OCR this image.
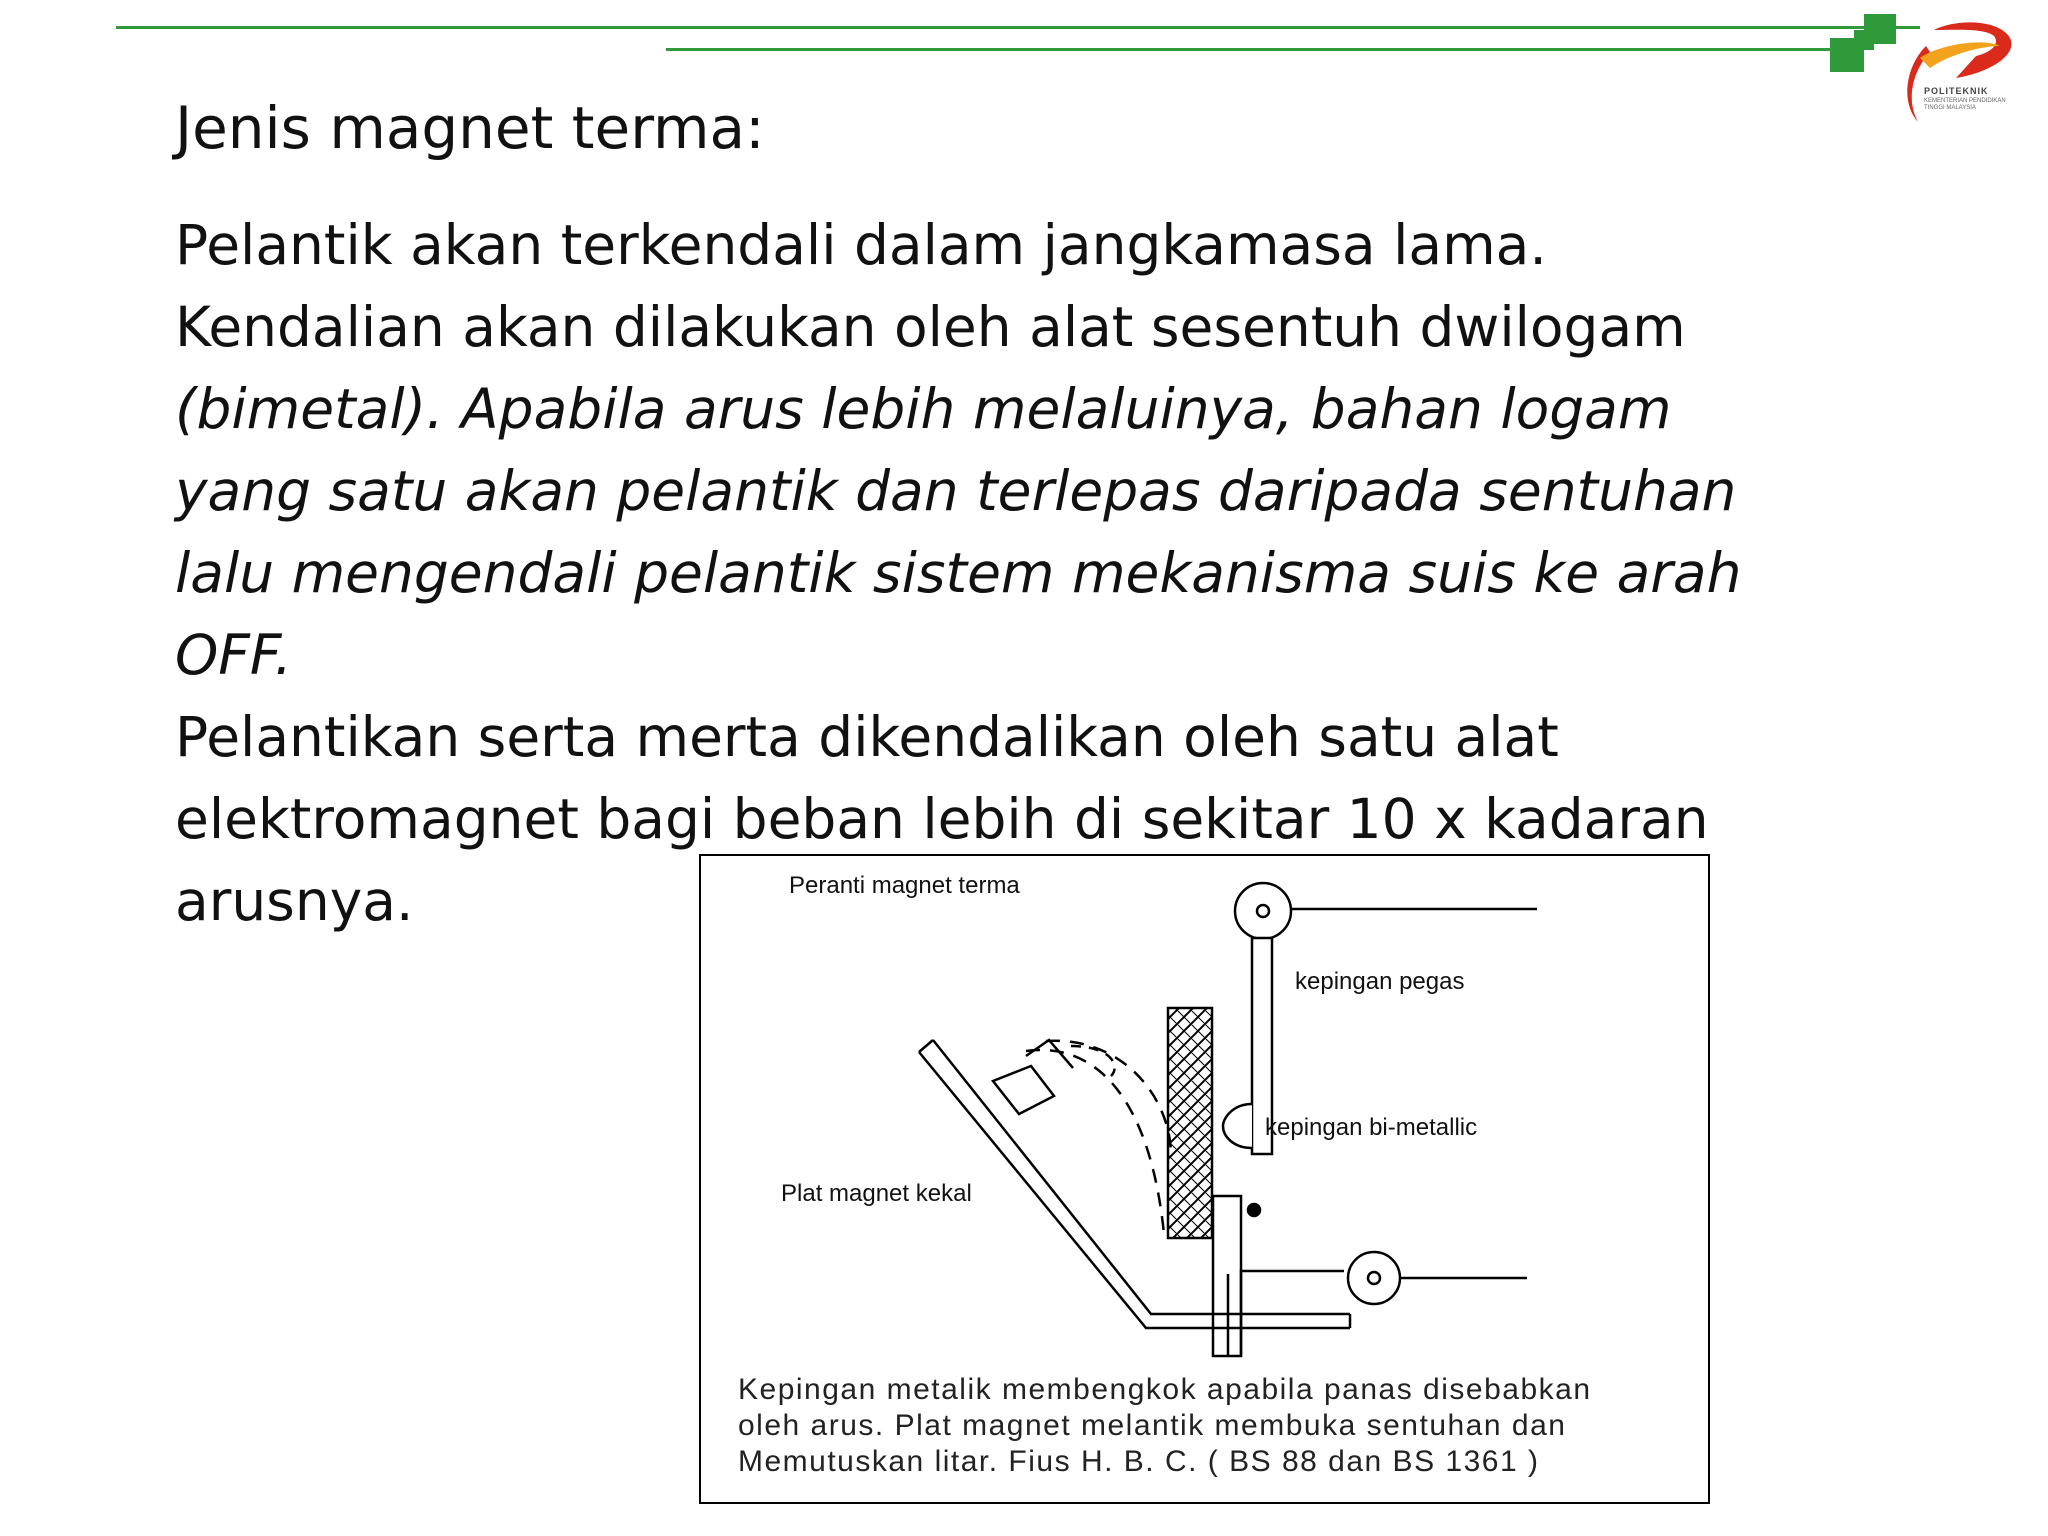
POLITEKNIK
KEMENTERIAN PENDIDIKAN TINGGI MALAYSIA
Jenis magnet terma:
Pelantik akan terkendali dalam jangkamasa lama.
Kendalian akan dilakukan oleh alat sesentuh dwilogam
(bimetal). Apabila arus lebih melaluinya, bahan logam
yang satu akan pelantik dan terlepas daripada sentuhan
lalu mengendali pelantik sistem mekanisma suis ke arah
OFF.
Pelantikan serta merta dikendalikan oleh satu alat
elektromagnet bagi beban lebih di sekitar 10 x kadaran
arusnya.	Peranti magnet terma
kepingan pegas
kepingan bi-metallic
Plat magnet kekal
Kepingan metalik membengkok apabila panas disebabkan
oleh arus. Plat magnet melantik membuka sentuhan dan
Memutuskan litar. Fius H. B. C. ( BS 88 dan BS 1361 )
